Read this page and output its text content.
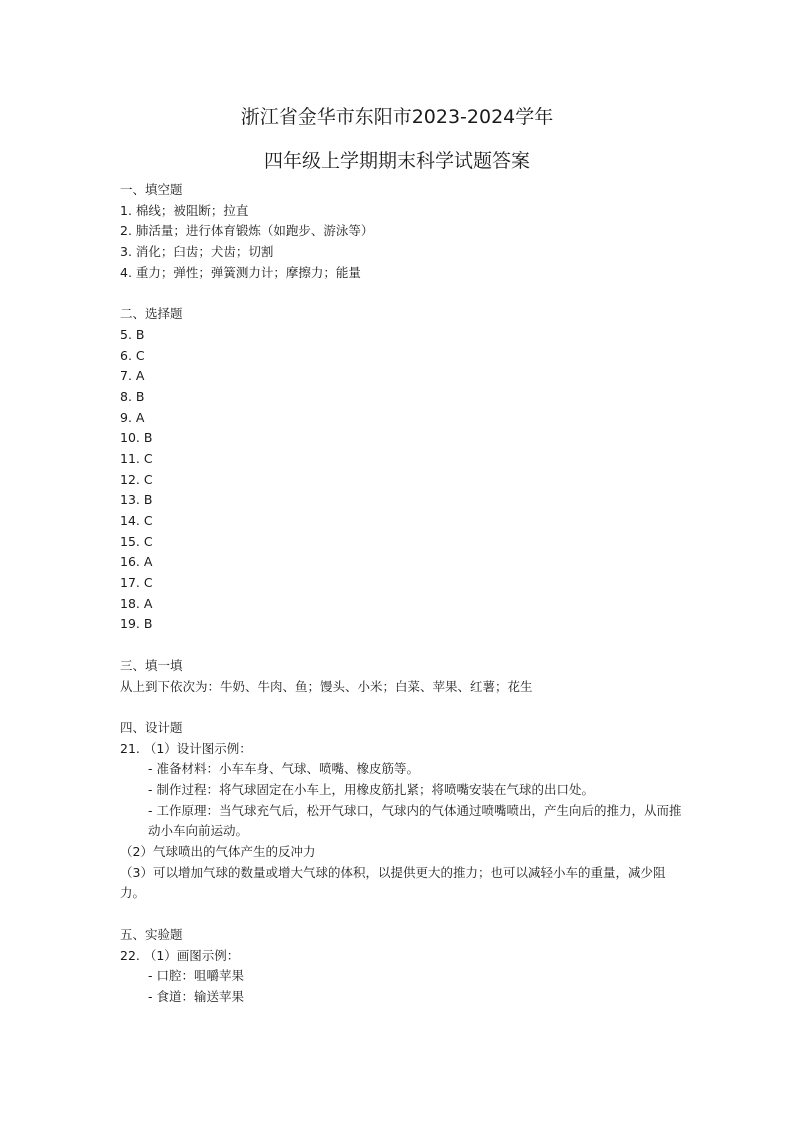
浙江省金华市东阳市2023-2024学年
四年级上学期期末科学试题答案
一、填空题
1. 棉线；被阻断；拉直
2. 肺活量；进行体育锻炼（如跑步、游泳等）
3. 消化；臼齿；犬齿；切割
4. 重力；弹性；弹簧测力计；摩擦力；能量
二、选择题
5. B
6. C
7. A
8. B
9. A
10. B
11. C
12. C
13. B
14. C
15. C
16. A
17. C
18. A
19. B
三、填一填
从上到下依次为：牛奶、牛肉、鱼；馒头、小米；白菜、苹果、红薯；花生
四、设计题
21. （1）设计图示例：
- 准备材料：小车车身、气球、喷嘴、橡皮筋等。
- 制作过程：将气球固定在小车上，用橡皮筋扎紧；将喷嘴安装在气球的出口处。
- 工作原理：当气球充气后，松开气球口，气球内的气体通过喷嘴喷出，产生向后的推力，从而推动小车向前运动。
（2）气球喷出的气体产生的反冲力
（3）可以增加气球的数量或增大气球的体积，以提供更大的推力；也可以减轻小车的重量，减少阻力。
五、实验题
22. （1）画图示例：
- 口腔：咀嚼苹果
- 食道：输送苹果
